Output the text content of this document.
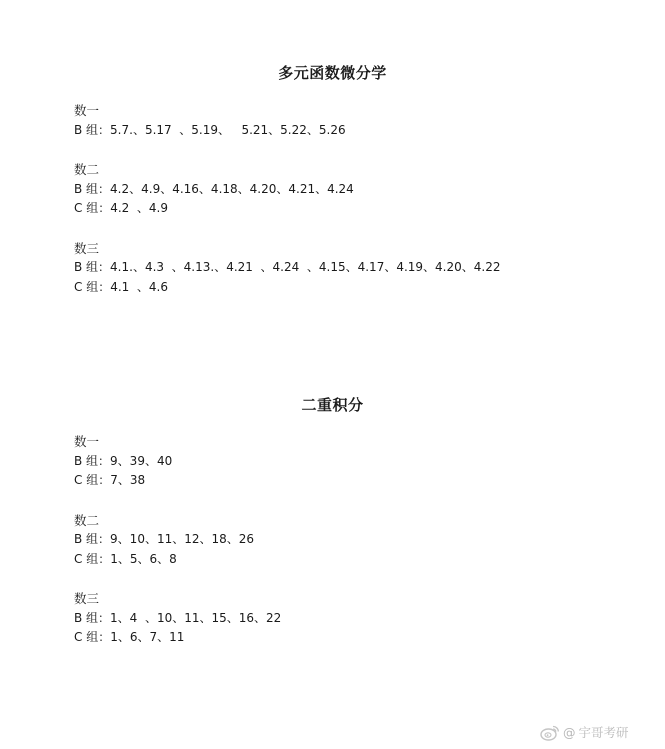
多元函数微分学
数一
B 组：5.7.、5.17  、5.19、   5.21、5.22、5.26
数二
B 组：4.2、4.9、4.16、4.18、4.20、4.21、4.24
C 组：4.2  、4.9
数三
B 组：4.1.、4.3  、4.13.、4.21  、4.24  、4.15、4.17、4.19、4.20、4.22
C 组：4.1  、4.6
二重积分
数一
B 组：9、39、40
C 组：7、38
数二
B 组：9、10、11、12、18、26
C 组：1、5、6、8
数三
B 组：1、4  、10、11、15、16、22
C 组：1、6、7、11
@ 宇哥考研
